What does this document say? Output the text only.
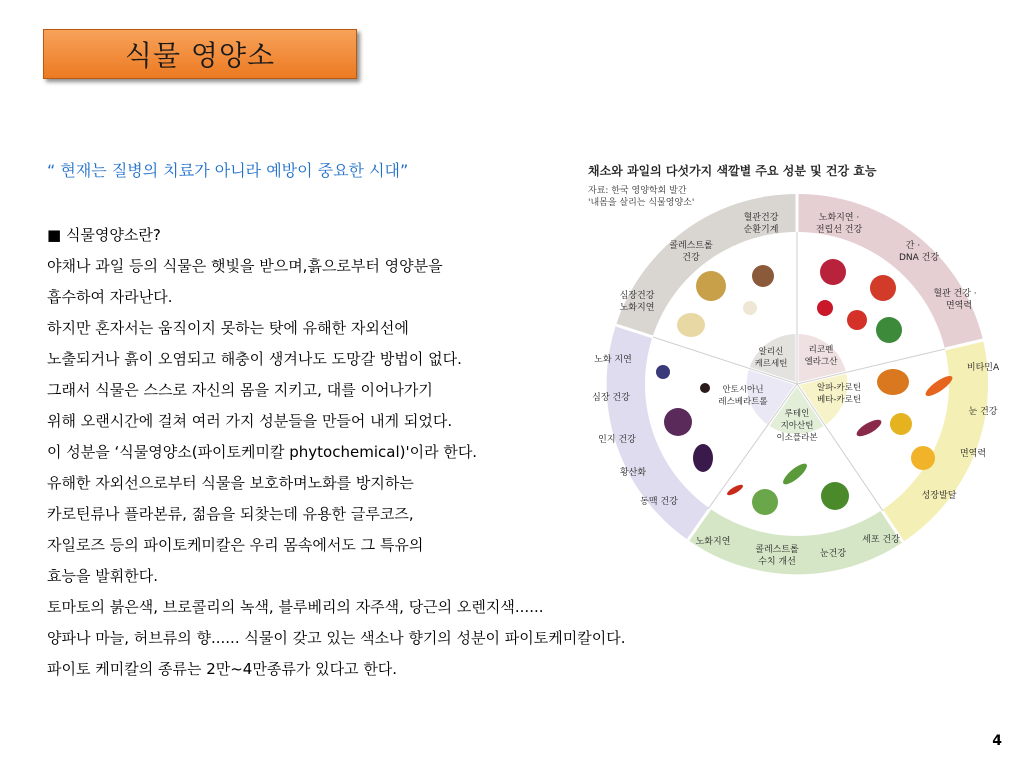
식물 영양소
“ 현재는 질병의 치료가 아니라 예방이 중요한 시대”
■ 식물영양소란?
야채나 과일 등의 식물은 햇빛을 받으며,흙으로부터 영양분을
흡수하여 자라난다.
하지만 혼자서는 움직이지 못하는 탓에 유해한 자외선에
노출되거나 흙이 오염되고 해충이 생겨나도 도망갈 방법이 없다.
그래서 식물은 스스로 자신의 몸을 지키고, 대를 이어나가기
위해 오랜시간에 걸쳐 여러 가지 성분들을 만들어 내게 되었다.
이 성분을 ‘식물영양소(파이토케미칼 phytochemical)'이라 한다.
유해한 자외선으로부터 식물을 보호하며노화를 방지하는
카로틴류나 플라본류, 젊음을 되찾는데 유용한 글루코즈,
자일로즈 등의 파이토케미칼은 우리 몸속에서도 그 특유의
효능을 발휘한다.
토마토의 붉은색, 브로콜리의 녹색, 블루베리의 자주색, 당근의 오렌지색......
양파나 마늘, 허브류의 향...... 식물이 갖고 있는 색소나 향기의 성분이 파이토케미칼이다.
파이토 케미칼의 종류는 2만~4만종류가 있다고 한다.
채소와 과일의 다섯가지 색깔별 주요 성분 및 건강 효능
자료: 한국 영양학회 발간
'내몸을 살리는 식물영양소'
혈관건강
순환기계
콜레스트롤
건강
심장건강
노화지연
노화지연 ·
전립선 건강
간 ·
DNA 건강
혈관 건강 ·
면역력
비타민A
눈 건강
면역력
성장발달
노화지연
콜레스트롤
수치 개선
눈건강
세포 건강
노화 지연
심장 건강
인지 건강
황산화
동맥 건강
알리신
케르세틴
리코펜
엘라그산
알파-카로틴
베타-카로틴
루테인
지아산틴
이소플라본
안토시아닌
레스베라트롤
4
